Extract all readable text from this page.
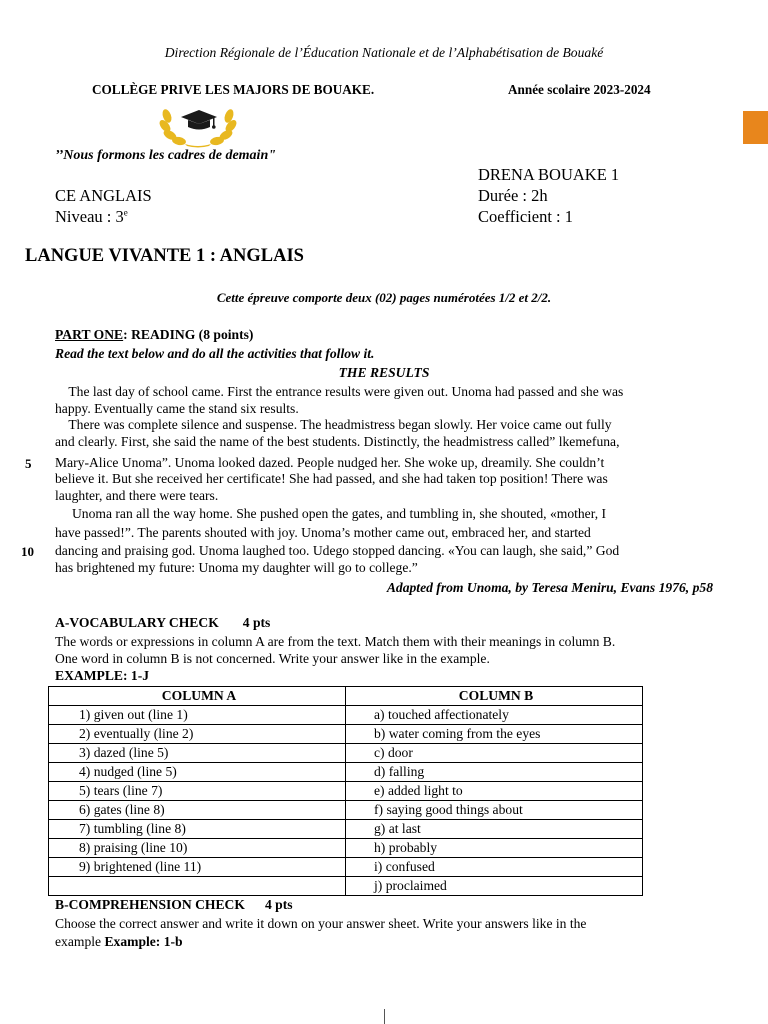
Direction Régionale de l’Éducation Nationale et de l’Alphabétisation de Bouaké
COLLÈGE PRIVE LES MAJORS DE BOUAKE.	Année scolaire 2023-2024
’’Nous formons les cadres de demain"
DRENA BOUAKE 1
CE ANGLAIS	Durée : 2h
Niveau : 3e	Coefficient : 1
LANGUE VIVANTE 1 : ANGLAIS
Cette épreuve comporte deux (02) pages numérotées 1/2 et 2/2.
PART ONE: READING (8 points)
Read the text below and do all the activities that follow it.
THE RESULTS
The last day of school came. First the entrance results were given out. Unoma had passed and she was
happy. Eventually came the stand six results.
There was complete silence and suspense. The headmistress began slowly. Her voice came out fully
and clearly. First, she said the name of the best students. Distinctly, the headmistress called” lkemefuna,
Mary-Alice Unoma”. Unoma looked dazed. People nudged her. She woke up, dreamily. She couldn’t
believe it. But she received her certificate! She had passed, and she had taken top position! There was
laughter, and there were tears.
Unoma ran all the way home. She pushed open the gates, and tumbling in, she shouted, «mother, I
have passed!”. The parents shouted with joy. Unoma’s mother came out, embraced her, and started
dancing and praising god. Unoma laughed too. Udego stopped dancing. «You can laugh, she said,” God
has brightened my future: Unoma my daughter will go to college.”
5
10
Adapted from Unoma, by Teresa Meniru, Evans 1976, p58
A-VOCABULARY CHECK 4 pts
The words or expressions in column A are from the text. Match them with their meanings in column B.
One word in column B is not concerned. Write your answer like in the example.
EXAMPLE: 1-J
COLUMN A	COLUMN B
1) given out (line 1)	a) touched affectionately
2) eventually (line 2)	b) water coming from the eyes
3) dazed (line 5)	c) door
4) nudged (line 5)	d) falling
5) tears (line 7)	e) added light to
6) gates (line 8)	f) saying good things about
7) tumbling (line 8)	g) at last
8) praising (line 10)	h) probably
9) brightened (line 11)	i) confused
	j) proclaimed
B-COMPREHENSION CHECK 4 pts
Choose the correct answer and write it down on your answer sheet. Write your answers like in the
example Example: 1-b
